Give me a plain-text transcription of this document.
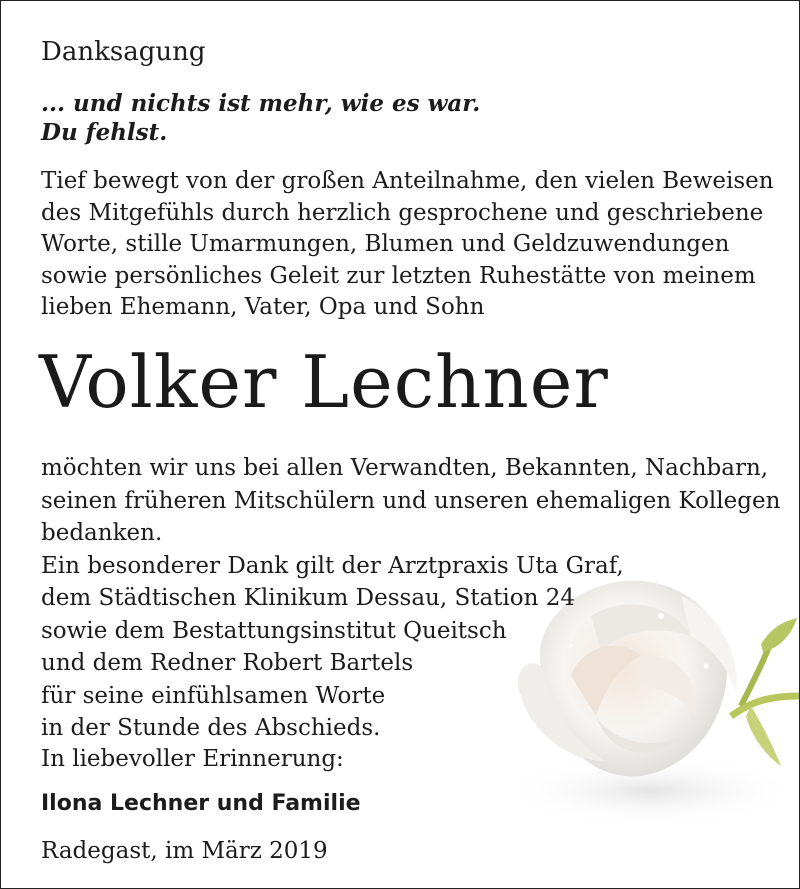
Danksagung
... und nichts ist mehr, wie es war.
Du fehlst.
Tief bewegt von der großen Anteilnahme, den vielen Beweisen
des Mitgefühls durch herzlich gesprochene und geschriebene
Worte, stille Umarmungen, Blumen und Geldzuwendungen
sowie persönliches Geleit zur letzten Ruhestätte von meinem
lieben Ehemann, Vater, Opa und Sohn
Volker Lechner
möchten wir uns bei allen Verwandten, Bekannten, Nachbarn,
seinen früheren Mitschülern und unseren ehemaligen Kollegen
bedanken.
Ein besonderer Dank gilt der Arztpraxis Uta Graf,
dem Städtischen Klinikum Dessau, Station 24
sowie dem Bestattungsinstitut Queitsch
und dem Redner Robert Bartels
für seine einfühlsamen Worte
in der Stunde des Abschieds.
In liebevoller Erinnerung:
Ilona Lechner und Familie
Radegast, im März 2019
